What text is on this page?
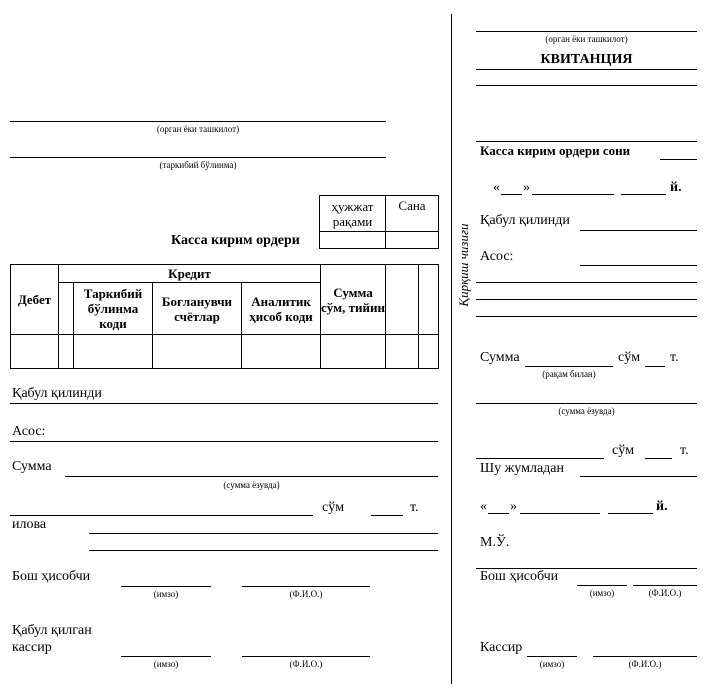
(орган ёки ташкилот)
(таркибий бўлинма)
Касса кирим ордери
ҳужжат рақами	Сана

Дебет	Кредит				Сумма сўм, тийин		
		Таркибий бўлинма коди	Боғланувчи счётлар	Аналитик ҳисоб коди			

Қабул қилинди
Асос:
Сумма
(сумма ёзувда)
сўм	т.
илова
Бош ҳисобчи
(имзо)	(Ф.И.О.)
Қабул қилган
кассир
(имзо)	(Ф.И.О.)
Қирқиш чизиғи
(орган ёки ташкилот)
КВИТАНЦИЯ
Касса кирим ордери сони
« »	й.
Қабул қилинди
Асос:
Сумма
(рақам билан)
сўм т.
(сумма ёзувда)
сўм	т.
Шу жумладан
« »	й.
М.Ў.
Бош ҳисобчи
(имзо)	(Ф.И.О.)
Кассир
(имзо)	(Ф.И.О.)
